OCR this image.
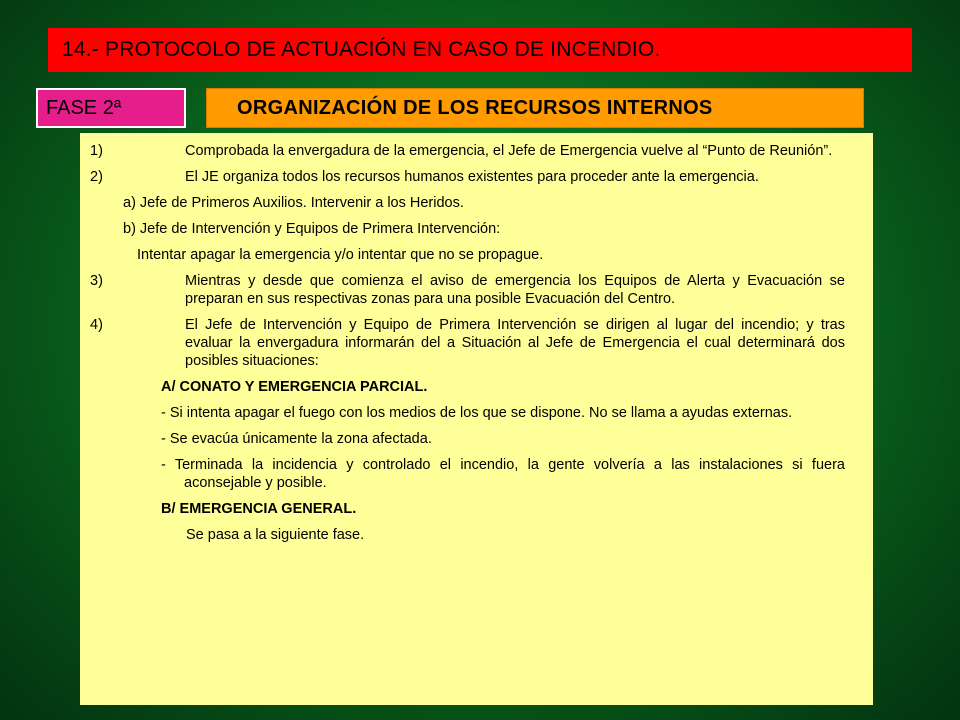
14.- PROTOCOLO DE ACTUACIÓN EN CASO DE INCENDIO.
FASE 2ª	ORGANIZACIÓN DE LOS RECURSOS INTERNOS

1)	Comprobada la envergadura de la emergencia, el Jefe de Emergencia vuelve al “Punto de Reunión”.

2)	El JE organiza todos los recursos humanos existentes para proceder ante la emergencia.

a) Jefe de Primeros Auxilios. Intervenir a los Heridos.

b) Jefe de Intervención y Equipos de Primera Intervención:

Intentar apagar la emergencia y/o intentar que no se propague.

3)	Mientras y desde que comienza el aviso de emergencia los Equipos de Alerta y Evacuación se preparan en sus respectivas zonas para una posible Evacuación del Centro.

4)	El Jefe de Intervención y Equipo de Primera Intervención se dirigen al lugar del incendio; y tras evaluar la envergadura informarán del a Situación al Jefe de Emergencia el cual determinará dos posibles situaciones:

A/ CONATO Y EMERGENCIA PARCIAL.

- Si intenta apagar el fuego con los medios de los que se dispone. No se llama a ayudas externas.

- Se evacúa únicamente la zona afectada.

- Terminada la incidencia y controlado el incendio, la gente volvería a las instalaciones si fuera aconsejable y posible.

B/ EMERGENCIA GENERAL.

Se pasa a la siguiente fase.
